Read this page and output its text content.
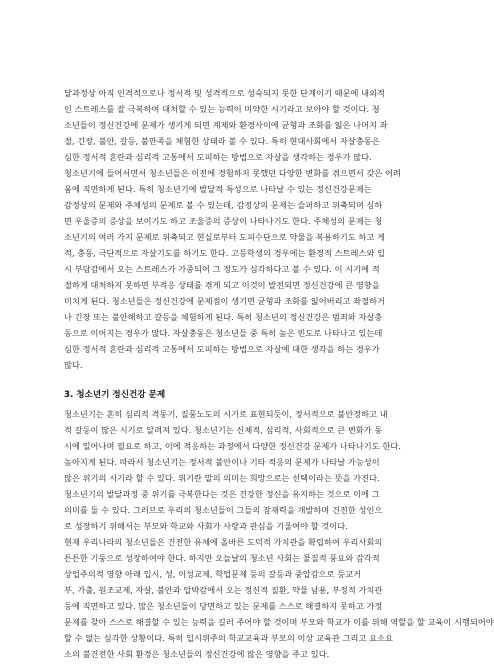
달과정상 아직 인격적으로나 정서적 및 성격적으로 성숙되지 못한 단계이기 때문에 내외적
인 스트레스를 잘 극복하여 대처할 수 있는 능력이 미약한 시기라고 보아야 할 것이다. 청
소년들이 정신건강에 문제가 생기게 되면 계제와 환경사이에 균형과 조화를 잃은 나머지 좌
절, 긴장, 불안, 갈등, 불만족을 체험한 상태라 볼 수 있다. 특히 현대사회에서 자살충동은
심한 정서적 혼란과 심리적 고통에서 도피하는 방법으로 자살을 생각하는 경우가 많다.
청소년기에 들어서면서 청소년들은 이전에 경험하지 못했던 다양한 변화를 겪으면서 갖은 어려
움에 직면하게 된다. 특히 청소년기에 발달적 특성으로 나타날 수 있는 정신건강문제는
감정상의 문제와 주체성의 문제로 볼 수 있는데, 감정상의 문제는 슬퍼하고 위축되며 심하
면 우울증의 증상을 보이기도 하고 조울증의 증상이 나타나기도 한다. 주체성의 문제는 청
소년기의 여러 가지 문제로 위축되고 현실로부터 도피수단으로 약물을 복용하기도 하고 게
적, 충동, 극단적으로 자살기도를 하기도 한다. 고등학생의 경우에는 환경적 스트레스와 입
시 부담감에서 오는 스트레스가 가중되어 그 정도가 심각하다고 볼 수 있다. 이 시기에 적
절하게 대처하지 못하면 부적응 상태를 겪게 되고 이것이 발전되면 정신건강에 큰 영향을
미치게 된다. 청소년들은 정신건강에 문제점이 생기면 균형과 조화를 잃어버리고 좌절하거
나 긴장 또는 불안해하고 갈등을 체험하게 된다. 특히 청소년의 정신건강은 범죄와 자살충
동으로 이어지는 경우가 많다. 자살충동은 청소년들 중 특히 높은 빈도로 나타나고 있는데
심한 정서적 혼란과 심리적 고통에서 도피하는 방법으로 자살에 대한 생각을 하는 경우가
많다.
3. 청소년기 정신건강 문제
청소년기는 흔히 심리적 격동기, 질풍노도의 시기로 표현되듯이, 정서적으로 불안정하고 내
적 갈등이 많은 시기로 알려져 있다. 청소년기는 신체적, 심리적, 사회적으로 큰 변화가 동
시에 일어나며 필요로 하고, 이에 적응하는 과정에서 다양한 정신건강 문제가 나타나기도 한다.
높아지게 된다. 따라서 청소년기는 정서적 불안이나 기타 적응의 문제가 나타날 가능성이
많은 위기의 시기라 할 수 있다. 위기란 말의 의미는 희망으로는 선택이라는 뜻을 가진다.
청소년기의 발달과정 중 위기를 극복한다는 것은 건강한 정신을 유지하는 것으로 이에 그
의미를 둘 수 있다. 그러므로 우리의 청소년들이 그들의 잠재력을 개발하며 건전한 성인으
로 성장하기 위해서는 부모와 학교와 사회가 사랑과 관심을 기울여야 할 것이다.
현재 우리나라의 청소년들은 건전한 유체에 올바른 도덕적 가치관을 확립하여 우리사회의
튼튼한 기둥으로 성장하여야 한다. 하지만 오늘날의 청소년 사회는 물질적 풍요와 감각적
상업주의적 영향 아래 입시, 성, 이성교제, 학업문제 등의 갈등과 중압감으로 등교거
부, 가출, 원조교제, 자살, 불안과 압박감에서 오는 정신적 질환, 약물 남용, 부정적 가치관
등에 직면하고 있다. 많은 청소년들이 당면하고 있는 문제를 스스로 해결하지 못하고 가정
문제를 찾아 스스로 해결할 수 있는 능력을 길러 주어야 할 것이며 부모와 학교가 이를 위해 역할을 할 교육이 시행되어야
할 수 없는 심각한 상황이다. 특히 입시위주의 학교교육과 부모의 이상 교육관 그리고 요소요
소의 불건전한 사회 환경은 청소년들의 정신건강에 많은 영향을 주고 있다.
